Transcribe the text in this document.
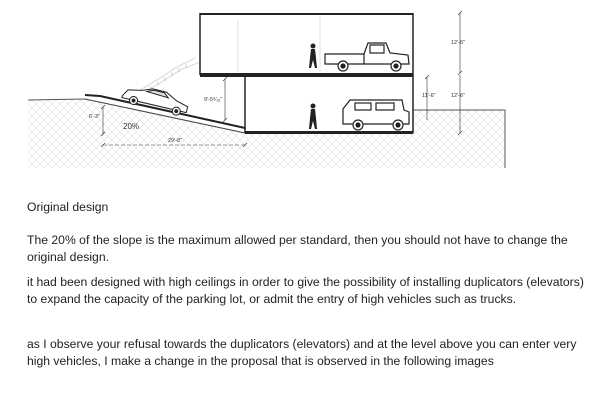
6'-3"
20%
29'-8"
9'-5⁹⁄₁₆"
12'-6"
11'-6"	12'-6"
Original design
The 20% of the slope is the maximum allowed per standard, then you should not have to change the original design.
it had been designed with high ceilings in order to give the possibility of installing duplicators (elevators) to expand the capacity of the parking lot, or admit the entry of high vehicles such as trucks.
as I observe your refusal towards the duplicators (elevators) and at the level above you can enter very high vehicles, I make a change in the proposal that is observed in the following images
